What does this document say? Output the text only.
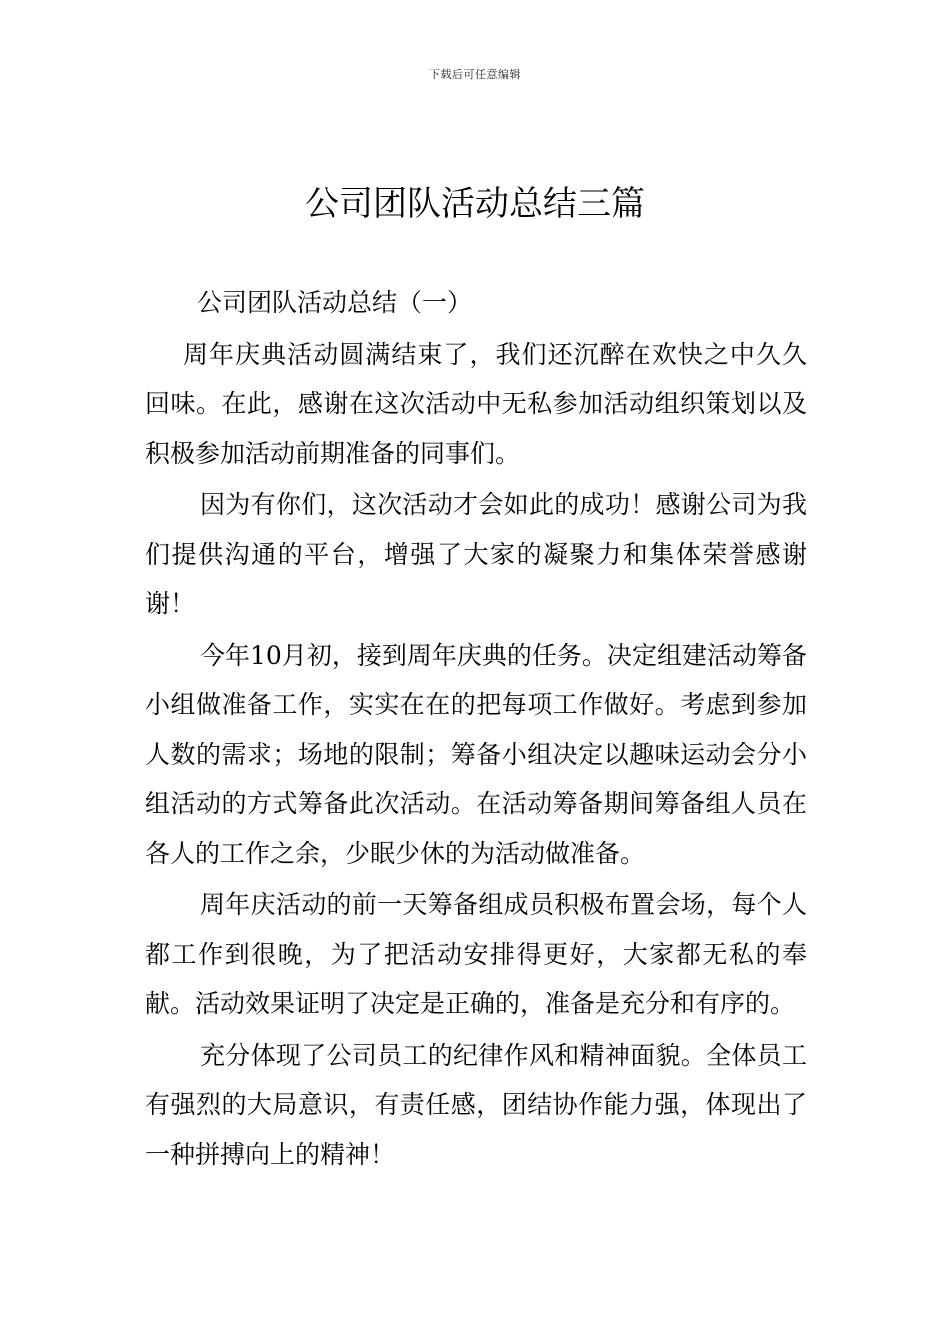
下载后可任意编辑
公司团队活动总结三篇

公司团队活动总结（一）

周年庆典活动圆满结束了，我们还沉醉在欢快之中久久回味。在此，感谢在这次活动中无私参加活动组织策划以及积极参加活动前期准备的同事们。

因为有你们，这次活动才会如此的成功！感谢公司为我们提供沟通的平台，增强了大家的凝聚力和集体荣誉感谢谢！

今年10月初，接到周年庆典的任务。决定组建活动筹备小组做准备工作，实实在在的把每项工作做好。考虑到参加人数的需求；场地的限制；筹备小组决定以趣味运动会分小组活动的方式筹备此次活动。在活动筹备期间筹备组人员在各人的工作之余，少眠少休的为活动做准备。

周年庆活动的前一天筹备组成员积极布置会场，每个人都工作到很晚，为了把活动安排得更好，大家都无私的奉献。活动效果证明了决定是正确的，准备是充分和有序的。

充分体现了公司员工的纪律作风和精神面貌。全体员工有强烈的大局意识，有责任感，团结协作能力强，体现出了一种拼搏向上的精神！
